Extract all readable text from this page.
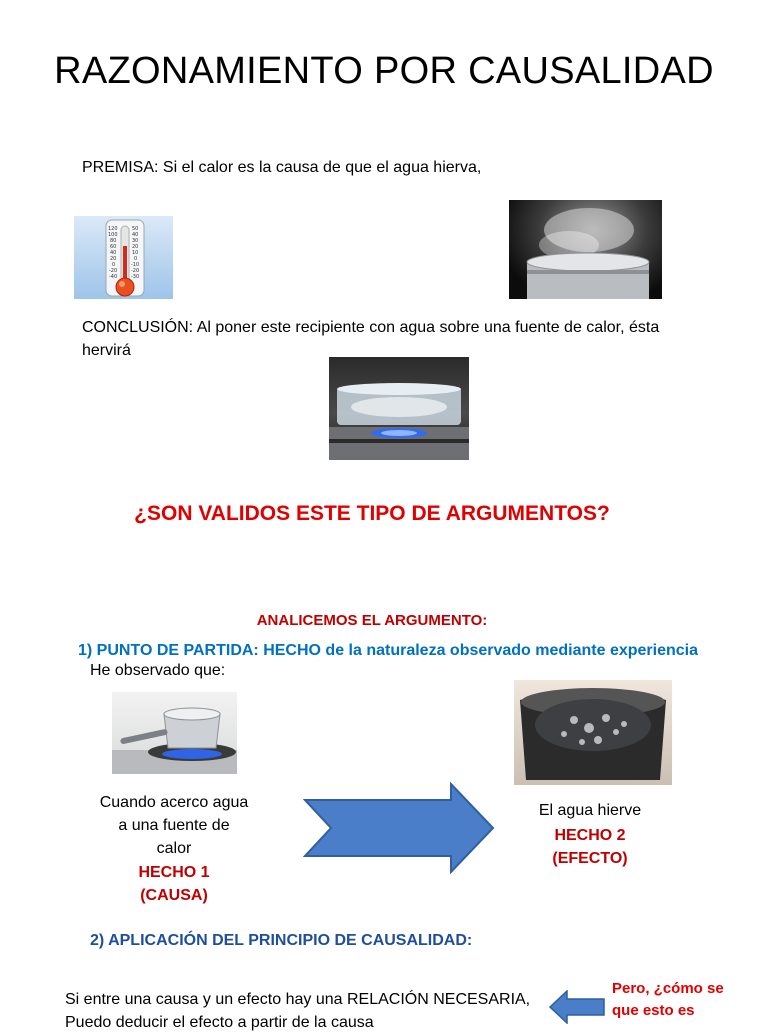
RAZONAMIENTO POR CAUSALIDAD
PREMISA: Si el calor es la causa de que el agua hierva,
120
100
80
60
40
20
0
-20
-40
50
40
30
20
10
0
-10
-20
-30
CONCLUSIÓN: Al poner este recipiente con agua sobre una fuente de calor, ésta
hervirá
¿SON VALIDOS ESTE TIPO DE ARGUMENTOS?
ANALICEMOS EL ARGUMENTO:
1) PUNTO DE PARTIDA: HECHO de la naturaleza observado mediante experiencia
He observado que:
Cuando acerco agua
a una fuente de
calor
HECHO 1
(CAUSA)
El agua hierve
HECHO 2
(EFECTO)
2) APLICACIÓN DEL PRINCIPIO DE CAUSALIDAD:
Si entre una causa y un efecto hay una RELACIÓN NECESARIA,
Puedo deducir el efecto a partir de la causa
Pero, ¿cómo se
que esto es
